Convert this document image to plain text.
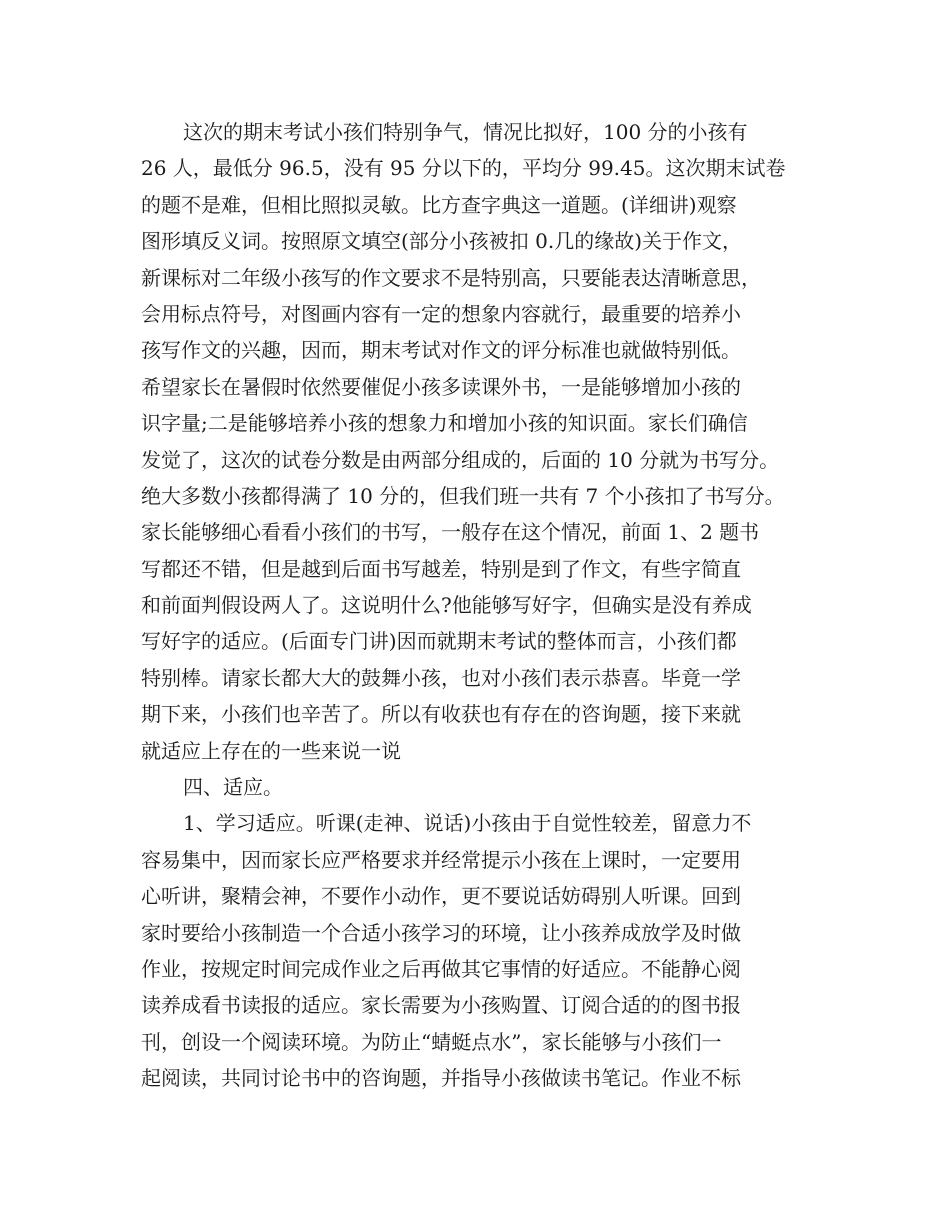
这次的期末考试小孩们特别争气，情况比拟好，100 分的小孩有
26 人，最低分 96.5，没有 95 分以下的，平均分 99.45。这次期末试卷
的题不是难，但相比照拟灵敏。比方查字典这一道题。(详细讲)观察
图形填反义词。按照原文填空(部分小孩被扣 0.几的缘故)关于作文，
新课标对二年级小孩写的作文要求不是特别高，只要能表达清晰意思，
会用标点符号，对图画内容有一定的想象内容就行，最重要的培养小
孩写作文的兴趣，因而，期末考试对作文的评分标准也就做特别低。
希望家长在暑假时依然要催促小孩多读课外书，一是能够增加小孩的
识字量;二是能够培养小孩的想象力和增加小孩的知识面。家长们确信
发觉了，这次的试卷分数是由两部分组成的，后面的 10 分就为书写分。
绝大多数小孩都得满了 10 分的，但我们班一共有 7 个小孩扣了书写分。
家长能够细心看看小孩们的书写，一般存在这个情况，前面 1、2 题书
写都还不错，但是越到后面书写越差，特别是到了作文，有些字简直
和前面判假设两人了。这说明什么?他能够写好字，但确实是没有养成
写好字的适应。(后面专门讲)因而就期末考试的整体而言，小孩们都
特别棒。请家长都大大的鼓舞小孩，也对小孩们表示恭喜。毕竟一学
期下来，小孩们也辛苦了。所以有收获也有存在的咨询题，接下来就
就适应上存在的一些来说一说
四、适应。
1、学习适应。听课(走神、说话)小孩由于自觉性较差，留意力不
容易集中，因而家长应严格要求并经常提示小孩在上课时，一定要用
心听讲，聚精会神，不要作小动作，更不要说话妨碍别人听课。回到
家时要给小孩制造一个合适小孩学习的环境，让小孩养成放学及时做
作业，按规定时间完成作业之后再做其它事情的好适应。不能静心阅
读养成看书读报的适应。家长需要为小孩购置、订阅合适的的图书报
刊，创设一个阅读环境。为防止“蜻蜓点水”，家长能够与小孩们一
起阅读，共同讨论书中的咨询题，并指导小孩做读书笔记。作业不标
